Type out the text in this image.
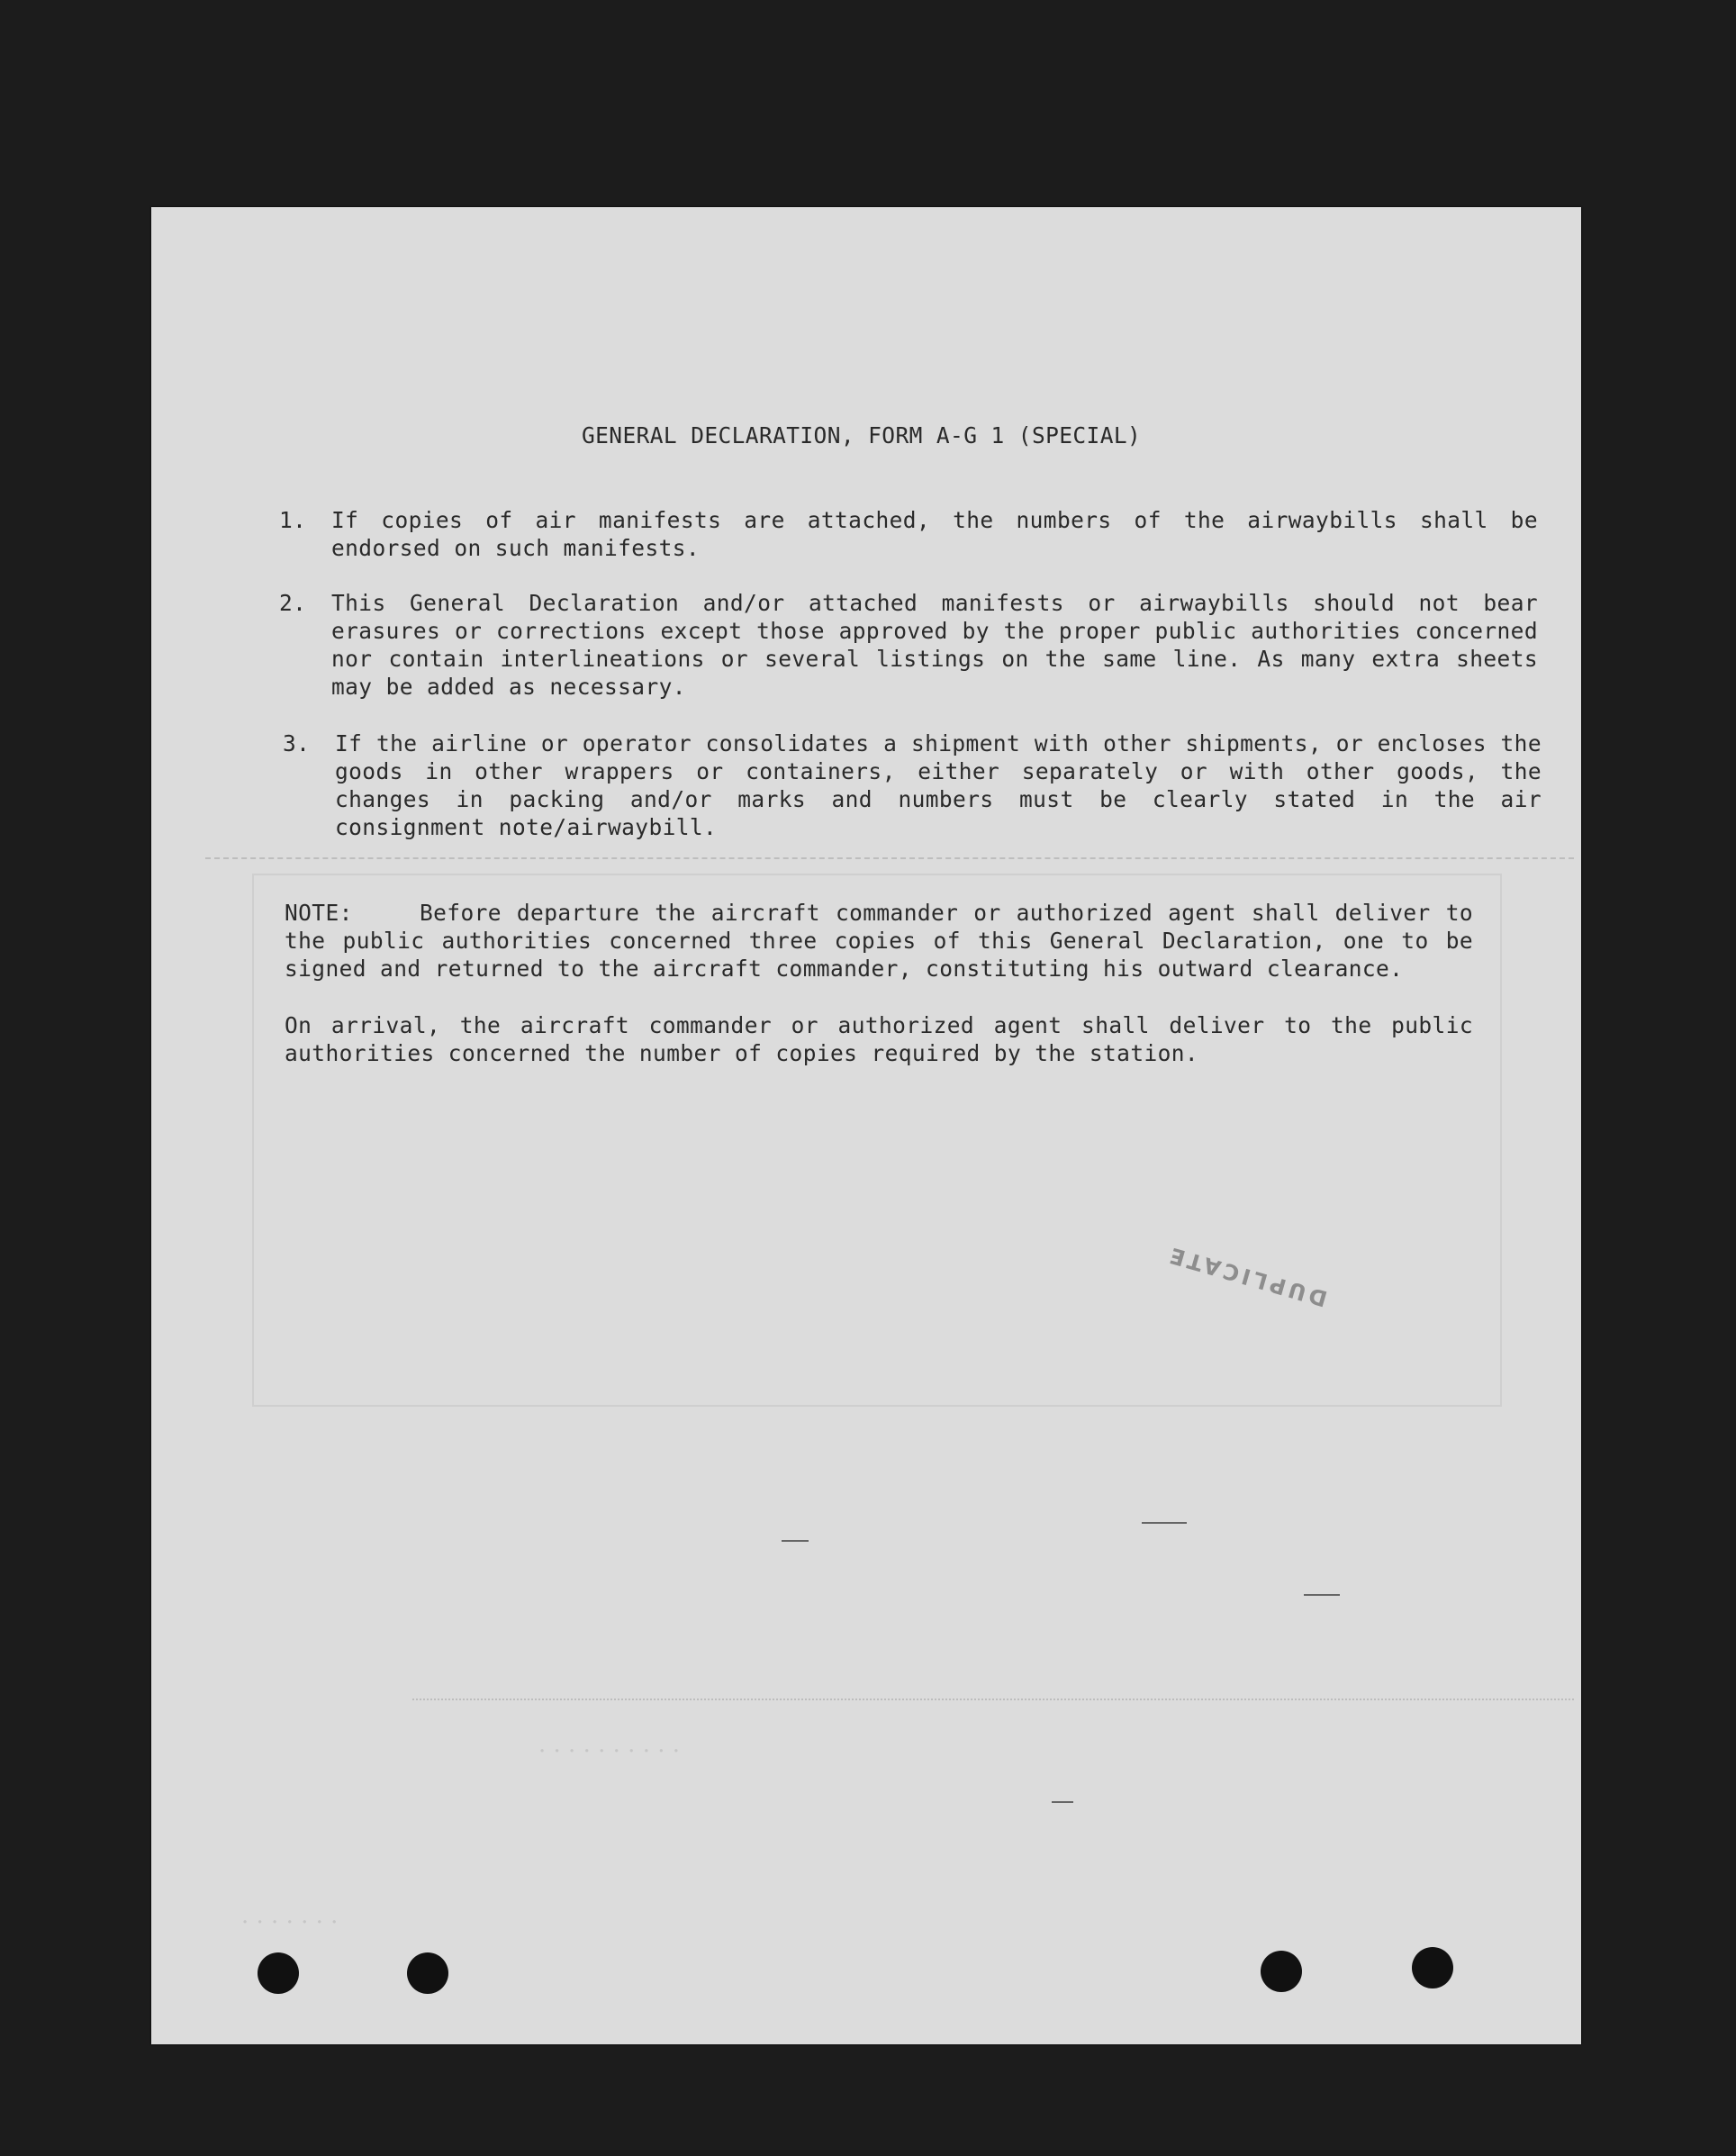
GENERAL DECLARATION, FORM A-G 1 (SPECIAL)
1.	If copies of air manifests are attached, the numbers of the airwaybills shall be endorsed on such manifests.
2.	This General Declaration and/or attached manifests or airwaybills should not bear erasures or corrections except those approved by the proper public authorities concerned nor contain interlineations or several listings on the same line. As many extra sheets may be added as necessary.
3.	If the airline or operator consolidates a shipment with other shipments, or encloses the goods in other wrappers or containers, either separately or with other goods, the changes in packing and/or marks and numbers must be clearly stated in the air consignment note/airwaybill.
NOTE:	Before departure the aircraft commander or authorized agent shall deliver to the public authorities concerned three copies of this General Declaration, one to be signed and returned to the aircraft commander, constituting his outward clearance.
On arrival, the aircraft commander or authorized agent shall deliver to the public authorities concerned the number of copies required by the station.
DUPLICATE
· · · · · · · · · ·
· · · · · · ·
